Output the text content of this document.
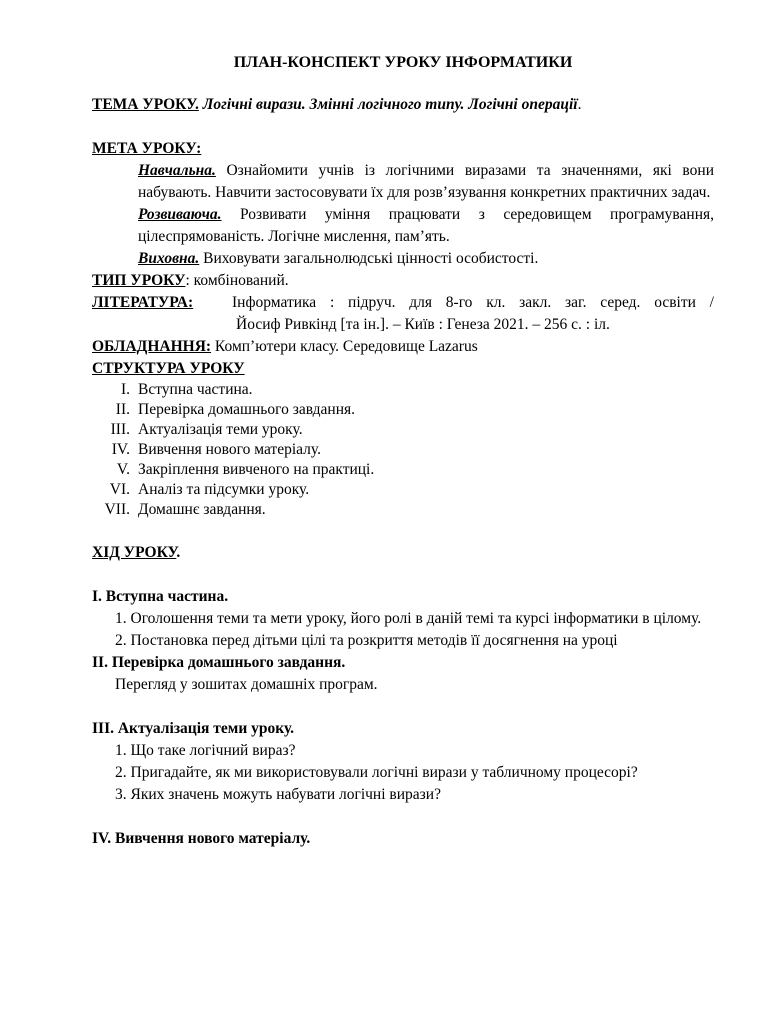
ПЛАН-КОНСПЕКТ УРОКУ ІНФОРМАТИКИ
ТЕМА УРОКУ. Логічні вирази. Змінні логічного типу. Логічні операції.
МЕТА УРОКУ:
Навчальна. Ознайомити учнів із логічними виразами та значеннями, які вони набувають. Навчити застосовувати їх для розв’язування конкретних практичних задач.
Розвиваюча. Розвивати уміння працювати з середовищем програмування, цілеспрямованість. Логічне мислення, пам’ять.
Виховна. Виховувати загальнолюдські цінності особистості.
ТИП УРОКУ: комбінований.
ЛІТЕРАТУРА:	Інформатика : підруч. для 8-го кл. закл. заг. серед. освіти /
Йосиф Ривкінд [та ін.]. – Київ : Генеза 2021. – 256 с. : іл.
ОБЛАДНАННЯ: Комп’ютери класу. Середовище Lazarus
СТРУКТУРА УРОКУ
I. Вступна частина.
II. Перевірка домашнього завдання.
III. Актуалізація теми уроку.
IV. Вивчення нового матеріалу.
V. Закріплення вивченого на практиці.
VI. Аналіз та підсумки уроку.
VII. Домашнє завдання.
ХІД УРОКУ.
I. Вступна частина.
1. Оголошення теми та мети уроку, його ролі в даній темі та курсі інформатики в цілому.
2. Постановка перед дітьми цілі та розкриття методів її досягнення на уроці
II. Перевірка домашнього завдання.
Перегляд у зошитах домашніх програм.
III. Актуалізація теми уроку.
1. Що таке логічний вираз?
2. Пригадайте, як ми використовували логічні вирази у табличному процесорі?
3. Яких значень можуть набувати логічні вирази?
IV. Вивчення нового матеріалу.
